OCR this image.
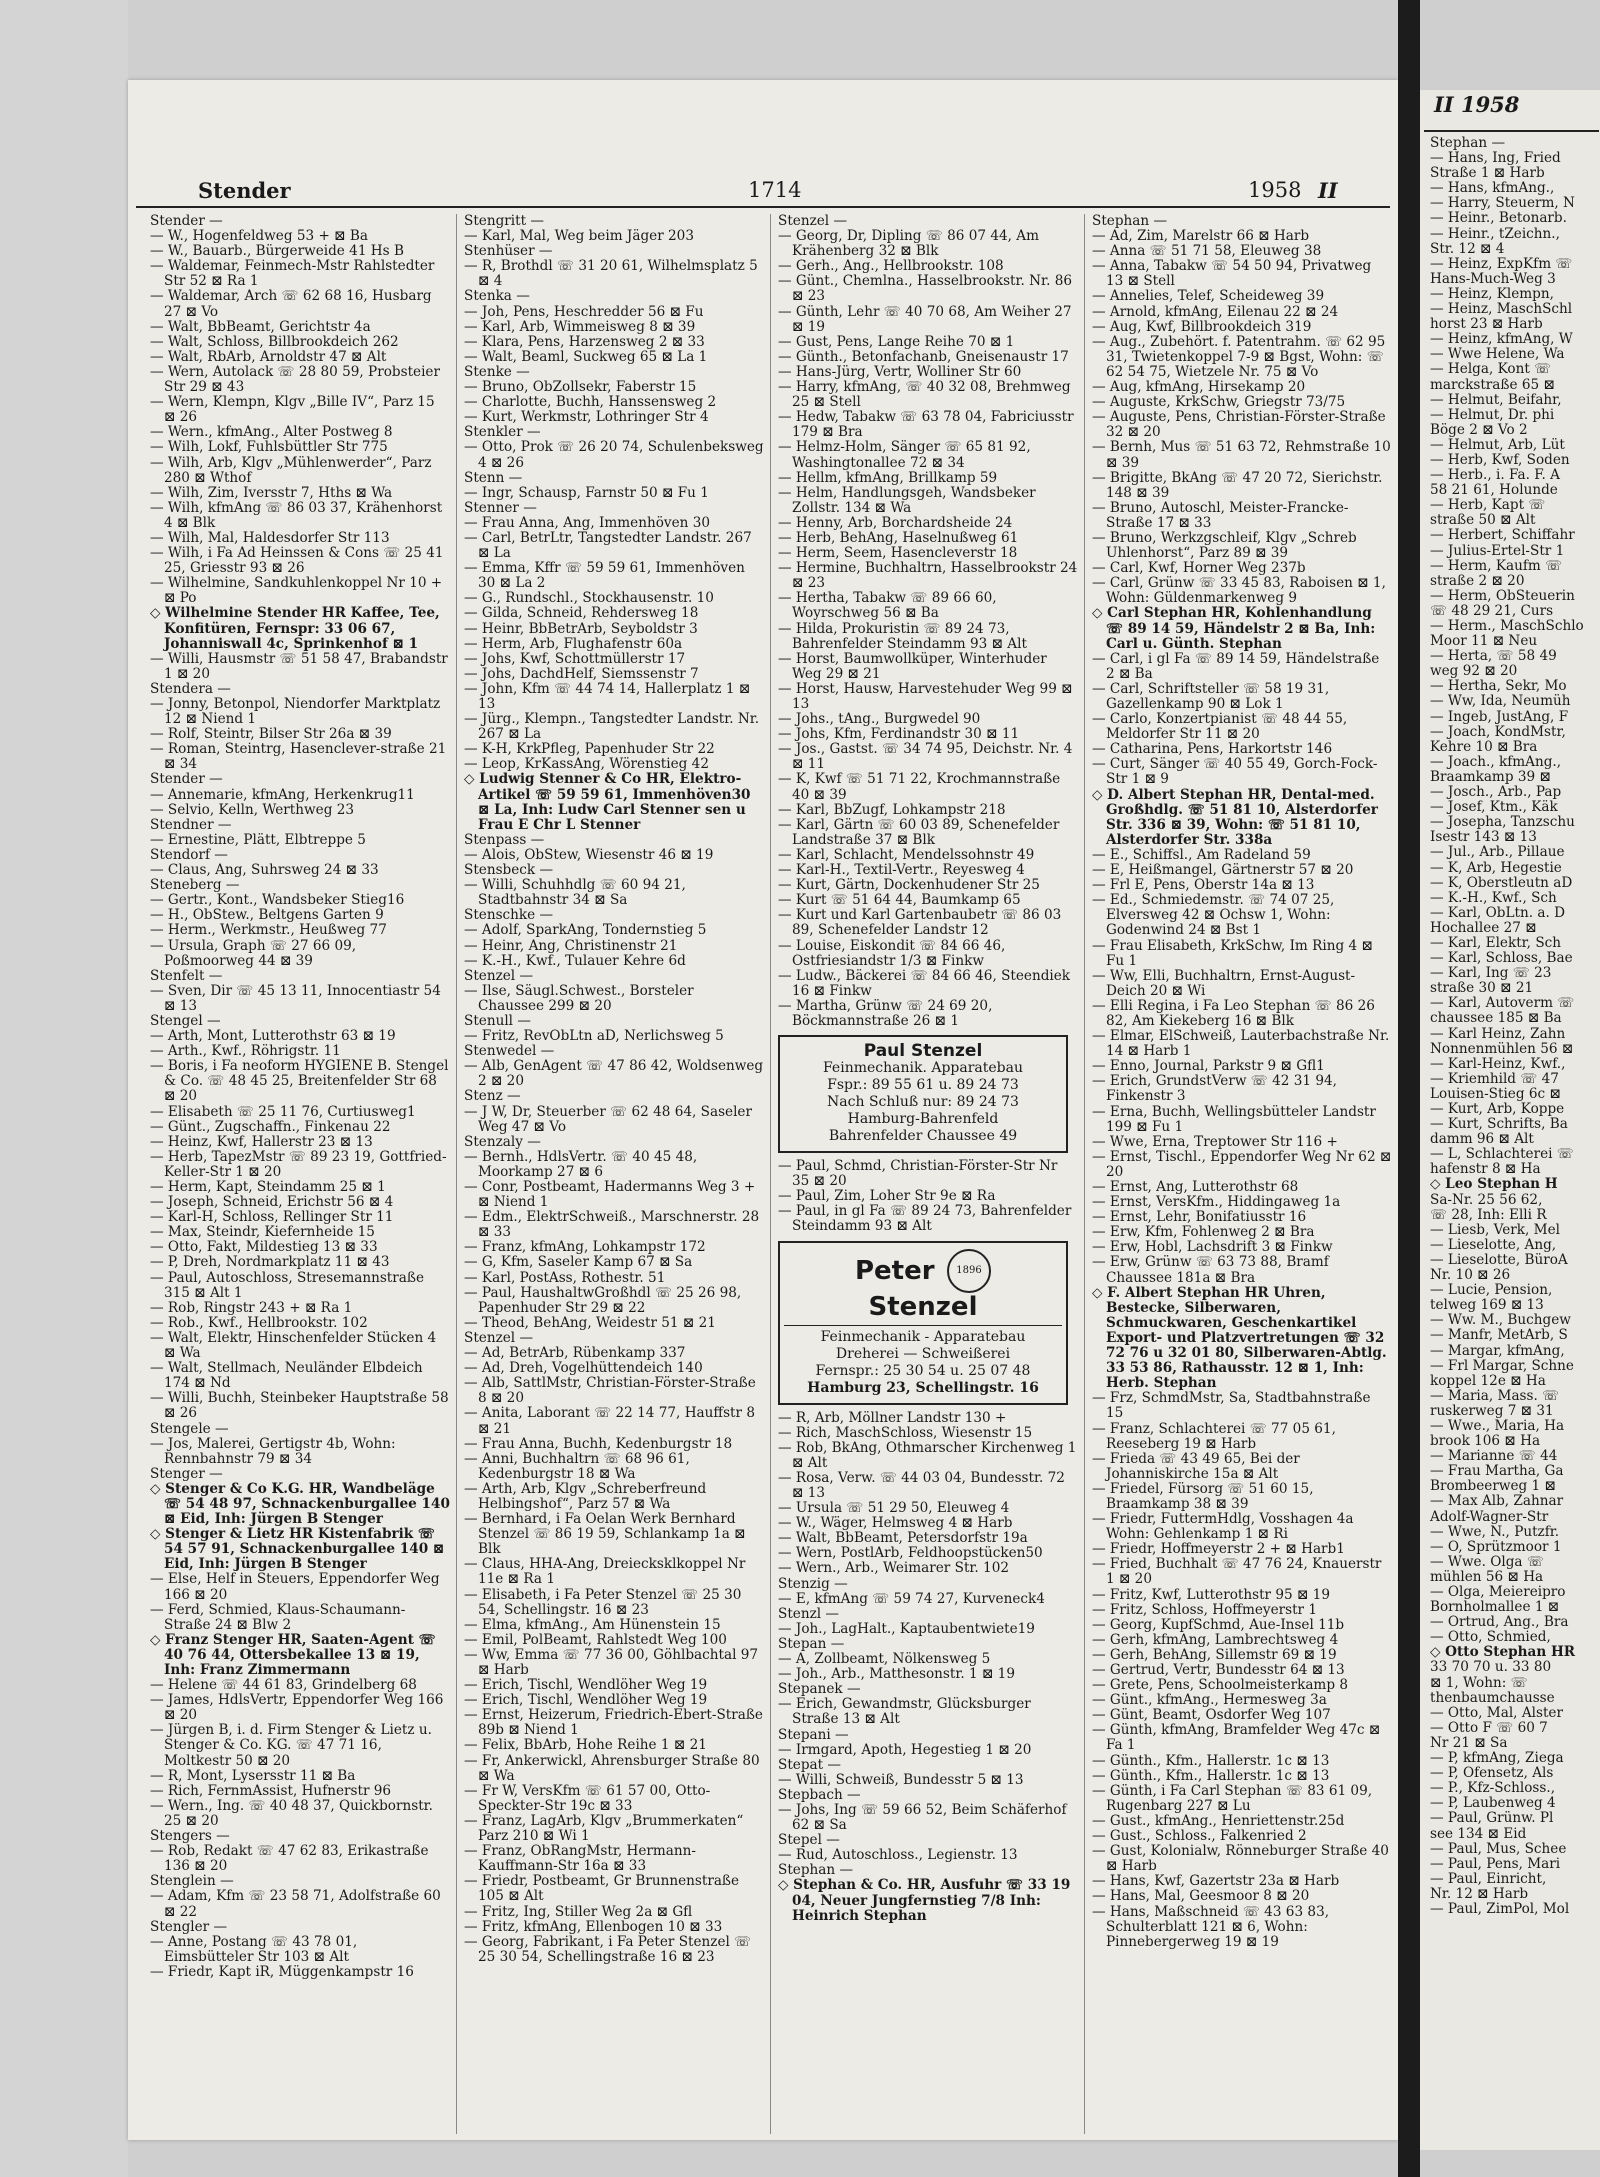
Stender	1714	1958 II

Stender —

— W., Hogenfeldweg 53 + ⊠ Ba

— W., Bauarb., Bürgerweide 41 Hs B

— Waldemar, Feinmech-Mstr Rahlstedter Str 52 ⊠ Ra 1

— Waldemar, Arch ☏ 62 68 16, Husbarg 27 ⊠ Vo

— Walt, BbBeamt, Gerichtstr 4a

— Walt, Schloss, Billbrookdeich 262

— Walt, RbArb, Arnoldstr 47 ⊠ Alt

— Wern, Autolack ☏ 28 80 59, Probsteier Str 29 ⊠ 43

— Wern, Klempn, Klgv „Bille IV“, Parz 15 ⊠ 26

— Wern., kfmAng., Alter Postweg 8

— Wilh, Lokf, Fuhlsbüttler Str 775

— Wilh, Arb, Klgv „Mühlenwerder“, Parz 280 ⊠ Wthof

— Wilh, Zim, Iversstr 7, Hths ⊠ Wa

— Wilh, kfmAng ☏ 86 03 37, Krähenhorst 4 ⊠ Blk

— Wilh, Mal, Haldesdorfer Str 113

— Wilh, i Fa Ad Heinssen & Cons ☏ 25 41 25, Griesstr 93 ⊠ 26

— Wilhelmine, Sandkuhlenkoppel Nr 10 + ⊠ Po

◇ Wilhelmine Stender HR Kaffee, Tee, Konfitüren, Fernspr: 33 06 67, Johanniswall 4c, Sprinkenhof ⊠ 1

— Willi, Hausmstr ☏ 51 58 47, Brabandstr 1 ⊠ 20

Stendera —

— Jonny, Betonpol, Niendorfer Marktplatz 12 ⊠ Niend 1

— Rolf, Steintr, Bilser Str 26a ⊠ 39

— Roman, Steintrg, Hasenclever-straße 21 ⊠ 34

Stender —

— Annemarie, kfmAng, Herkenkrug11

— Selvio, Kelln, Werthweg 23

Stendner —

— Ernestine, Plätt, Elbtreppe 5

Stendorf —

— Claus, Ang, Suhrsweg 24 ⊠ 33

Steneberg —

— Gertr., Kont., Wandsbeker Stieg16

— H., ObStew., Beltgens Garten 9

— Herm., Werkmstr., Heußweg 77

— Ursula, Graph ☏ 27 66 09, Poßmoorweg 44 ⊠ 39

Stenfelt —

— Sven, Dir ☏ 45 13 11, Innocentiastr 54 ⊠ 13

Stengel —

— Arth, Mont, Lutterothstr 63 ⊠ 19

— Arth., Kwf., Röhrigstr. 11

— Boris, i Fa neoform HYGIENE B. Stengel & Co. ☏ 48 45 25, Breitenfelder Str 68 ⊠ 20

— Elisabeth ☏ 25 11 76, Curtiusweg1

— Günt., Zugschaffn., Finkenau 22

— Heinz, Kwf, Hallerstr 23 ⊠ 13

— Herb, TapezMstr ☏ 89 23 19, Gottfried-Keller-Str 1 ⊠ 20

— Herm, Kapt, Steindamm 25 ⊠ 1

— Joseph, Schneid, Erichstr 56 ⊠ 4

— Karl-H, Schloss, Rellinger Str 11

— Max, Steindr, Kiefernheide 15

— Otto, Fakt, Mildestieg 13 ⊠ 33

— P, Dreh, Nordmarkplatz 11 ⊠ 43

— Paul, Autoschloss, Stresemannstraße 315 ⊠ Alt 1

— Rob, Ringstr 243 + ⊠ Ra 1

— Rob., Kwf., Hellbrookstr. 102

— Walt, Elektr, Hinschenfelder Stücken 4 ⊠ Wa

— Walt, Stellmach, Neuländer Elbdeich 174 ⊠ Nd

— Willi, Buchh, Steinbeker Hauptstraße 58 ⊠ 26

Stengele —

— Jos, Malerei, Gertigstr 4b, Wohn: Rennbahnstr 79 ⊠ 34

Stenger —

◇ Stenger & Co K.G. HR, Wandbeläge ☏ 54 48 97, Schnackenburgallee 140 ⊠ Eid, Inh: Jürgen B Stenger

◇ Stenger & Lietz HR Kistenfabrik ☏ 54 57 91, Schnackenburgallee 140 ⊠ Eid, Inh: Jürgen B Stenger

— Else, Helf in Steuers, Eppendorfer Weg 166 ⊠ 20

— Ferd, Schmied, Klaus-Schaumann-Straße 24 ⊠ Blw 2

◇ Franz Stenger HR, Saaten-Agent ☏ 40 76 44, Ottersbekallee 13 ⊠ 19, Inh: Franz Zimmermann

— Helene ☏ 44 61 83, Grindelberg 68

— James, HdlsVertr, Eppendorfer Weg 166 ⊠ 20

— Jürgen B, i. d. Firm Stenger & Lietz u. Stenger & Co. KG. ☏ 47 71 16, Moltkestr 50 ⊠ 20

— R, Mont, Lysersstr 11 ⊠ Ba

— Rich, FernmAssist, Hufnerstr 96

— Wern., Ing. ☏ 40 48 37, Quickbornstr. 25 ⊠ 20

Stengers —

— Rob, Redakt ☏ 47 62 83, Erikastraße 136 ⊠ 20

Stenglein —

— Adam, Kfm ☏ 23 58 71, Adolfstraße 60 ⊠ 22

Stengler —

— Anne, Postang ☏ 43 78 01, Eimsbütteler Str 103 ⊠ Alt

— Friedr, Kapt iR, Müggenkampstr 16

Stengritt —

— Karl, Mal, Weg beim Jäger 203

Stenhüser —

— R, Brothdl ☏ 31 20 61, Wilhelmsplatz 5 ⊠ 4

Stenka —

— Joh, Pens, Heschredder 56 ⊠ Fu

— Karl, Arb, Wimmeisweg 8 ⊠ 39

— Klara, Pens, Harzensweg 2 ⊠ 33

— Walt, Beaml, Suckweg 65 ⊠ La 1

Stenke —

— Bruno, ObZollsekr, Faberstr 15

— Charlotte, Buchh, Hanssensweg 2

— Kurt, Werkmstr, Lothringer Str 4

Stenkler —

— Otto, Prok ☏ 26 20 74, Schulenbeksweg 4 ⊠ 26

Stenn —

— Ingr, Schausp, Farnstr 50 ⊠ Fu 1

Stenner —

— Frau Anna, Ang, Immenhöven 30

— Carl, BetrLtr, Tangstedter Landstr. 267 ⊠ La

— Emma, Kffr ☏ 59 59 61, Immenhöven 30 ⊠ La 2

— G., Rundschl., Stockhausenstr. 10

— Gilda, Schneid, Rehdersweg 18

— Heinr, BbBetrArb, Seyboldstr 3

— Herm, Arb, Flughafenstr 60a

— Johs, Kwf, Schottmüllerstr 17

— Johs, DachdHelf, Siemssenstr 7

— John, Kfm ☏ 44 74 14, Hallerplatz 1 ⊠ 13

— Jürg., Klempn., Tangstedter Landstr. Nr. 267 ⊠ La

— K-H, KrkPfleg, Papenhuder Str 22

— Leop, KrKassAng, Wörenstieg 42

◇ Ludwig Stenner & Co HR, Elektro-Artikel ☏ 59 59 61, Immenhöven30 ⊠ La, Inh: Ludw Carl Stenner sen u Frau E Chr L Stenner

Stenpass —

— Alois, ObStew, Wiesenstr 46 ⊠ 19

Stensbeck —

— Willi, Schuhhdlg ☏ 60 94 21, Stadtbahnstr 34 ⊠ Sa

Stenschke —

— Adolf, SparkAng, Tondernstieg 5

— Heinr, Ang, Christinenstr 21

— K.-H., Kwf., Tulauer Kehre 6d

Stenzel —

— Ilse, Säugl.Schwest., Borsteler Chaussee 299 ⊠ 20

Stenull —

— Fritz, RevObLtn aD, Nerlichsweg 5

Stenwedel —

— Alb, GenAgent ☏ 47 86 42, Woldsenweg 2 ⊠ 20

Stenz —

— J W, Dr, Steuerber ☏ 62 48 64, Saseler Weg 47 ⊠ Vo

Stenzaly —

— Bernh., HdlsVertr. ☏ 40 45 48, Moorkamp 27 ⊠ 6

— Conr, Postbeamt, Hadermanns Weg 3 + ⊠ Niend 1

— Edm., ElektrSchweiß., Marschnerstr. 28 ⊠ 33

— Franz, kfmAng, Lohkampstr 172

— G, Kfm, Saseler Kamp 67 ⊠ Sa

— Karl, PostAss, Rothestr. 51

— Paul, HaushaltwGroßhdl ☏ 25 26 98, Papenhuder Str 29 ⊠ 22

— Theod, BehAng, Weidestr 51 ⊠ 21

Stenzel —

— Ad, BetrArb, Rübenkamp 337

— Ad, Dreh, Vogelhüttendeich 140

— Alb, SattlMstr, Christian-Förster-Straße 8 ⊠ 20

— Anita, Laborant ☏ 22 14 77, Hauffstr 8 ⊠ 21

— Frau Anna, Buchh, Kedenburgstr 18

— Anni, Buchhaltrn ☏ 68 96 61, Kedenburgstr 18 ⊠ Wa

— Arth, Arb, Klgv „Schreberfreund Helbingshof“, Parz 57 ⊠ Wa

— Bernhard, i Fa Oelan Werk Bernhard Stenzel ☏ 86 19 59, Schlankamp 1a ⊠ Blk

— Claus, HHA-Ang, Dreiecksklkoppel Nr 11e ⊠ Ra 1

— Elisabeth, i Fa Peter Stenzel ☏ 25 30 54, Schellingstr. 16 ⊠ 23

— Elma, kfmAng., Am Hünenstein 15

— Emil, PolBeamt, Rahlstedt Weg 100

— Ww, Emma ☏ 77 36 00, Göhlbachtal 97 ⊠ Harb

— Erich, Tischl, Wendlöher Weg 19

— Erich, Tischl, Wendlöher Weg 19

— Ernst, Heizerum, Friedrich-Ebert-Straße 89b ⊠ Niend 1

— Felix, BbArb, Hohe Reihe 1 ⊠ 21

— Fr, Ankerwickl, Ahrensburger Straße 80 ⊠ Wa

— Fr W, VersKfm ☏ 61 57 00, Otto-Speckter-Str 19c ⊠ 33

— Franz, LagArb, Klgv „Brummerkaten“ Parz 210 ⊠ Wi 1

— Franz, ObRangMstr, Hermann-Kauffmann-Str 16a ⊠ 33

— Friedr, Postbeamt, Gr Brunnenstraße 105 ⊠ Alt

— Fritz, Ing, Stiller Weg 2a ⊠ Gfl

— Fritz, kfmAng, Ellenbogen 10 ⊠ 33

— Georg, Fabrikant, i Fa Peter Stenzel ☏ 25 30 54, Schellingstraße 16 ⊠ 23

Stenzel —

— Georg, Dr, Dipling ☏ 86 07 44, Am Krähenberg 32 ⊠ Blk

— Gerh., Ang., Hellbrookstr. 108

— Günt., Chemlna., Hasselbrookstr. Nr. 86 ⊠ 23

— Günth, Lehr ☏ 40 70 68, Am Weiher 27 ⊠ 19

— Gust, Pens, Lange Reihe 70 ⊠ 1

— Günth., Betonfachanb, Gneisenaustr 17

— Hans-Jürg, Vertr, Wolliner Str 60

— Harry, kfmAng, ☏ 40 32 08, Brehmweg 25 ⊠ Stell

— Hedw, Tabakw ☏ 63 78 04, Fabriciusstr 179 ⊠ Bra

— Helmz-Holm, Sänger ☏ 65 81 92, Washingtonallee 72 ⊠ 34

— Hellm, kfmAng, Brillkamp 59

— Helm, Handlungsgeh, Wandsbeker Zollstr. 134 ⊠ Wa

— Henny, Arb, Borchardsheide 24

— Herb, BehAng, Haselnußweg 61

— Herm, Seem, Hasencleverstr 18

— Hermine, Buchhaltrn, Hasselbrookstr 24 ⊠ 23

— Hertha, Tabakw ☏ 89 66 60, Woyrschweg 56 ⊠ Ba

— Hilda, Prokuristin ☏ 89 24 73, Bahrenfelder Steindamm 93 ⊠ Alt

— Horst, Baumwollküper, Winterhuder Weg 29 ⊠ 21

— Horst, Hausw, Harvestehuder Weg 99 ⊠ 13

— Johs., tAng., Burgwedel 90

— Johs, Kfm, Ferdinandstr 30 ⊠ 11

— Jos., Gastst. ☏ 34 74 95, Deichstr. Nr. 4 ⊠ 11

— K, Kwf ☏ 51 71 22, Krochmannstraße 40 ⊠ 39

— Karl, BbZugf, Lohkampstr 218

— Karl, Gärtn ☏ 60 03 89, Schenefelder Landstraße 37 ⊠ Blk

— Karl, Schlacht, Mendelssohnstr 49

— Karl-H., Textil-Vertr., Reyesweg 4

— Kurt, Gärtn, Dockenhudener Str 25

— Kurt ☏ 51 64 44, Baumkamp 65

— Kurt und Karl Gartenbaubetr ☏ 86 03 89, Schenefelder Landstr 12

— Louise, Eiskondit ☏ 84 66 46, Ostfriesiandstr 1/3 ⊠ Finkw

— Ludw., Bäckerei ☏ 84 66 46, Steendiek 16 ⊠ Finkw

— Martha, Grünw ☏ 24 69 20, Böckmannstraße 26 ⊠ 1

Paul Stenzel
Feinmechanik. Apparatebau
Fspr.: 89 55 61 u. 89 24 73
Nach Schluß nur: 89 24 73
Hamburg-Bahrenfeld
Bahrenfelder Chaussee 49

— Paul, Schmd, Christian-Förster-Str Nr 35 ⊠ 20

— Paul, Zim, Loher Str 9e ⊠ Ra

— Paul, in gl Fa ☏ 89 24 73, Bahrenfelder Steindamm 93 ⊠ Alt

Peter 1896
Stenzel
Feinmechanik - Apparatebau
Dreherei — Schweißerei
Fernspr.: 25 30 54 u. 25 07 48
Hamburg 23, Schellingstr. 16

— R, Arb, Möllner Landstr 130 +

— Rich, MaschSchloss, Wiesenstr 15

— Rob, BkAng, Othmarscher Kirchenweg 1 ⊠ Alt

— Rosa, Verw. ☏ 44 03 04, Bundesstr. 72 ⊠ 13

— Ursula ☏ 51 29 50, Eleuweg 4

— W., Wäger, Helmsweg 4 ⊠ Harb

— Walt, BbBeamt, Petersdorfstr 19a

— Wern, PostlArb, Feldhoopstücken50

— Wern., Arb., Weimarer Str. 102

Stenzig —

— E, kfmAng ☏ 59 74 27, Kurveneck4

Stenzl —

— Joh., LagHalt., Kaptaubentwiete19

Stepan —

— A, Zollbeamt, Nölkensweg 5

— Joh., Arb., Matthesonstr. 1 ⊠ 19

Stepanek —

— Erich, Gewandmstr, Glücksburger Straße 13 ⊠ Alt

Stepani —

— Irmgard, Apoth, Hegestieg 1 ⊠ 20

Stepat —

— Willi, Schweiß, Bundesstr 5 ⊠ 13

Stepbach —

— Johs, Ing ☏ 59 66 52, Beim Schäferhof 62 ⊠ Sa

Stepel —

— Rud, Autoschloss., Legienstr. 13

Stephan —

◇ Stephan & Co. HR, Ausfuhr ☏ 33 19 04, Neuer Jungfernstieg 7/8 Inh: Heinrich Stephan

Stephan —

— Ad, Zim, Marelstr 66 ⊠ Harb

— Anna ☏ 51 71 58, Eleuweg 38

— Anna, Tabakw ☏ 54 50 94, Privatweg 13 ⊠ Stell

— Annelies, Telef, Scheideweg 39

— Arnold, kfmAng, Eilenau 22 ⊠ 24

— Aug, Kwf, Billbrookdeich 319

— Aug., Zubehört. f. Patentrahm. ☏ 62 95 31, Twietenkoppel 7-9 ⊠ Bgst, Wohn: ☏ 62 54 75, Wietzele Nr. 75 ⊠ Vo

— Aug, kfmAng, Hirsekamp 20

— Auguste, KrkSchw, Griegstr 73/75

— Auguste, Pens, Christian-Förster-Straße 32 ⊠ 20

— Bernh, Mus ☏ 51 63 72, Rehmstraße 10 ⊠ 39

— Brigitte, BkAng ☏ 47 20 72, Sierichstr. 148 ⊠ 39

— Bruno, Autoschl, Meister-Francke-Straße 17 ⊠ 33

— Bruno, Werkzgschleif, Klgv „Schreb Uhlenhorst“, Parz 89 ⊠ 39

— Carl, Kwf, Horner Weg 237b

— Carl, Grünw ☏ 33 45 83, Raboisen ⊠ 1, Wohn: Güldenmarkenweg 9

◇ Carl Stephan HR, Kohlenhandlung ☏ 89 14 59, Händelstr 2 ⊠ Ba, Inh: Carl u. Günth. Stephan

— Carl, i gl Fa ☏ 89 14 59, Händelstraße 2 ⊠ Ba

— Carl, Schriftsteller ☏ 58 19 31, Gazellenkamp 90 ⊠ Lok 1

— Carlo, Konzertpianist ☏ 48 44 55, Meldorfer Str 11 ⊠ 20

— Catharina, Pens, Harkortstr 146

— Curt, Sänger ☏ 40 55 49, Gorch-Fock-Str 1 ⊠ 9

◇ D. Albert Stephan HR, Dental-med. Großhdlg. ☏ 51 81 10, Alsterdorfer Str. 336 ⊠ 39, Wohn: ☏ 51 81 10, Alsterdorfer Str. 338a

— E., Schiffsl., Am Radeland 59

— E, Heißmangel, Gärtnerstr 57 ⊠ 20

— Frl E, Pens, Oberstr 14a ⊠ 13

— Ed., Schmiedemstr. ☏ 74 07 25, Elversweg 42 ⊠ Ochsw 1, Wohn: Godenwind 24 ⊠ Bst 1

— Frau Elisabeth, KrkSchw, Im Ring 4 ⊠ Fu 1

— Ww, Elli, Buchhaltrn, Ernst-August-Deich 20 ⊠ Wi

— Elli Regina, i Fa Leo Stephan ☏ 86 26 82, Am Kiekeberg 16 ⊠ Blk

— Elmar, ElSchweiß, Lauterbachstraße Nr. 14 ⊠ Harb 1

— Enno, Journal, Parkstr 9 ⊠ Gfl1

— Erich, GrundstVerw ☏ 42 31 94, Finkenstr 3

— Erna, Buchh, Wellingsbütteler Landstr 199 ⊠ Fu 1

— Wwe, Erna, Treptower Str 116 +

— Ernst, Tischl., Eppendorfer Weg Nr 62 ⊠ 20

— Ernst, Ang, Lutterothstr 68

— Ernst, VersKfm., Hiddingaweg 1a

— Ernst, Lehr, Bonifatiusstr 16

— Erw, Kfm, Fohlenweg 2 ⊠ Bra

— Erw, Hobl, Lachsdrift 3 ⊠ Finkw

— Erw, Grünw ☏ 63 73 88, Bramf Chaussee 181a ⊠ Bra

◇ F. Albert Stephan HR Uhren, Bestecke, Silberwaren, Schmuckwaren, Geschenkartikel Export- und Platzvertretungen ☏ 32 72 76 u 32 01 80, Silberwaren-Abtlg. 33 53 86, Rathausstr. 12 ⊠ 1, Inh: Herb. Stephan

— Frz, SchmdMstr, Sa, Stadtbahnstraße 15

— Franz, Schlachterei ☏ 77 05 61, Reeseberg 19 ⊠ Harb

— Frieda ☏ 43 49 65, Bei der Johanniskirche 15a ⊠ Alt

— Friedel, Fürsorg ☏ 51 60 15, Braamkamp 38 ⊠ 39

— Friedr, FuttermHdlg, Vosshagen 4a Wohn: Gehlenkamp 1 ⊠ Ri

— Friedr, Hoffmeyerstr 2 + ⊠ Harb1

— Fried, Buchhalt ☏ 47 76 24, Knauerstr 1 ⊠ 20

— Fritz, Kwf, Lutterothstr 95 ⊠ 19

— Fritz, Schloss, Hoffmeyerstr 1

— Georg, KupfSchmd, Aue-Insel 11b

— Gerh, kfmAng, Lambrechtsweg 4

— Gerh, BehAng, Sillemstr 69 ⊠ 19

— Gertrud, Vertr, Bundesstr 64 ⊠ 13

— Grete, Pens, Schoolmeisterkamp 8

— Günt., kfmAng., Hermesweg 3a

— Günt, Beamt, Osdorfer Weg 107

— Günth, kfmAng, Bramfelder Weg 47c ⊠ Fa 1

— Günth., Kfm., Hallerstr. 1c ⊠ 13

— Günth., Kfm., Hallerstr. 1c ⊠ 13

— Günth, i Fa Carl Stephan ☏ 83 61 09, Rugenbarg 227 ⊠ Lu

— Gust., kfmAng., Henriettenstr.25d

— Gust., Schloss., Falkenried 2

— Gust, Kolonialw, Rönneburger Straße 40 ⊠ Harb

— Hans, Kwf, Gazertstr 23a ⊠ Harb

— Hans, Mal, Geesmoor 8 ⊠ 20

— Hans, Maßschneid ☏ 43 63 83, Schulterblatt 121 ⊠ 6, Wohn: Pinnebergerweg 19 ⊠ 19

II 1958

Stephan —

— Hans, Ing, Fried

Straße 1 ⊠ Harb

— Hans, kfmAng.,

— Harry, Steuerm, N

— Heinr., Betonarb.

— Heinr., tZeichn.,

Str. 12 ⊠ 4

— Heinz, ExpKfm ☏

Hans-Much-Weg 3

— Heinz, Klempn,

— Heinz, MaschSchl

horst 23 ⊠ Harb

— Heinz, kfmAng, W

— Wwe Helene, Wa

— Helga, Kont ☏

marckstraße 65 ⊠

— Helmut, Beifahr,

— Helmut, Dr. phi

Böge 2 ⊠ Vo 2

— Helmut, Arb, Lüt

— Herb, Kwf, Soden

— Herb., i. Fa. F. A

58 21 61, Holunde

— Herb, Kapt ☏

straße 50 ⊠ Alt

— Herbert, Schiffahr

— Julius-Ertel-Str 1

— Herm, Kaufm ☏

straße 2 ⊠ 20

— Herm, ObSteuerin

☏ 48 29 21, Curs

— Herm., MaschSchlo

Moor 11 ⊠ Neu

— Herta, ☏ 58 49

weg 92 ⊠ 20

— Hertha, Sekr, Mo

— Ww, Ida, Neumüh

— Ingeb, JustAng, F

— Joach, KondMstr,

Kehre 10 ⊠ Bra

— Joach., kfmAng.,

Braamkamp 39 ⊠

— Josch., Arb., Pap

— Josef, Ktm., Käk

— Josepha, Tanzschu

Isestr 143 ⊠ 13

— Jul., Arb., Pillaue

— K, Arb, Hegestie

— K, Oberstleutn aD

— K.-H., Kwf., Sch

— Karl, ObLtn. a. D

Hochallee 27 ⊠

— Karl, Elektr, Sch

— Karl, Schloss, Bae

— Karl, Ing ☏ 23

straße 30 ⊠ 21

— Karl, Autoverm ☏

chaussee 185 ⊠ Ba

— Karl Heinz, Zahn

Nonnenmühlen 56 ⊠

— Karl-Heinz, Kwf.,

— Kriemhild ☏ 47

Louisen-Stieg 6c ⊠

— Kurt, Arb, Koppe

— Kurt, Schrifts, Ba

damm 96 ⊠ Alt

— L, Schlachterei ☏

hafenstr 8 ⊠ Ha

◇ Leo Stephan H

Sa-Nr. 25 56 62,

☏ 28, Inh: Elli R

— Liesb, Verk, Mel

— Lieselotte, Ang,

— Lieselotte, BüroA

Nr. 10 ⊠ 26

— Lucie, Pension,

telweg 169 ⊠ 13

— Ww. M., Buchgew

— Manfr, MetArb, S

— Margar, kfmAng,

— Frl Margar, Schne

koppel 12e ⊠ Ha

— Maria, Mass. ☏

ruskerweg 7 ⊠ 31

— Wwe., Maria, Ha

brook 106 ⊠ Ha

— Marianne ☏ 44

— Frau Martha, Ga

Brombeerweg 1 ⊠

— Max Alb, Zahnar

Adolf-Wagner-Str

— Wwe, N., Putzfr.

— O, Sprützmoor 1

— Wwe. Olga ☏

mühlen 56 ⊠ Ha

— Olga, Meiereipro

Bornholmallee 1 ⊠

— Ortrud, Ang., Bra

— Otto, Schmied,

◇ Otto Stephan HR

33 70 70 u. 33 80

⊠ 1, Wohn: ☏

thenbaumchausse

— Otto, Mal, Alster

— Otto F ☏ 60 7

Nr 21 ⊠ Sa

— P, kfmAng, Ziega

— P, Ofensetz, Als

— P., Kfz-Schloss.,

— P, Laubenweg 4

— Paul, Grünw. Pl

see 134 ⊠ Eid

— Paul, Mus, Schee

— Paul, Pens, Mari

— Paul, Einricht,

Nr. 12 ⊠ Harb

— Paul, ZimPol, Mol
